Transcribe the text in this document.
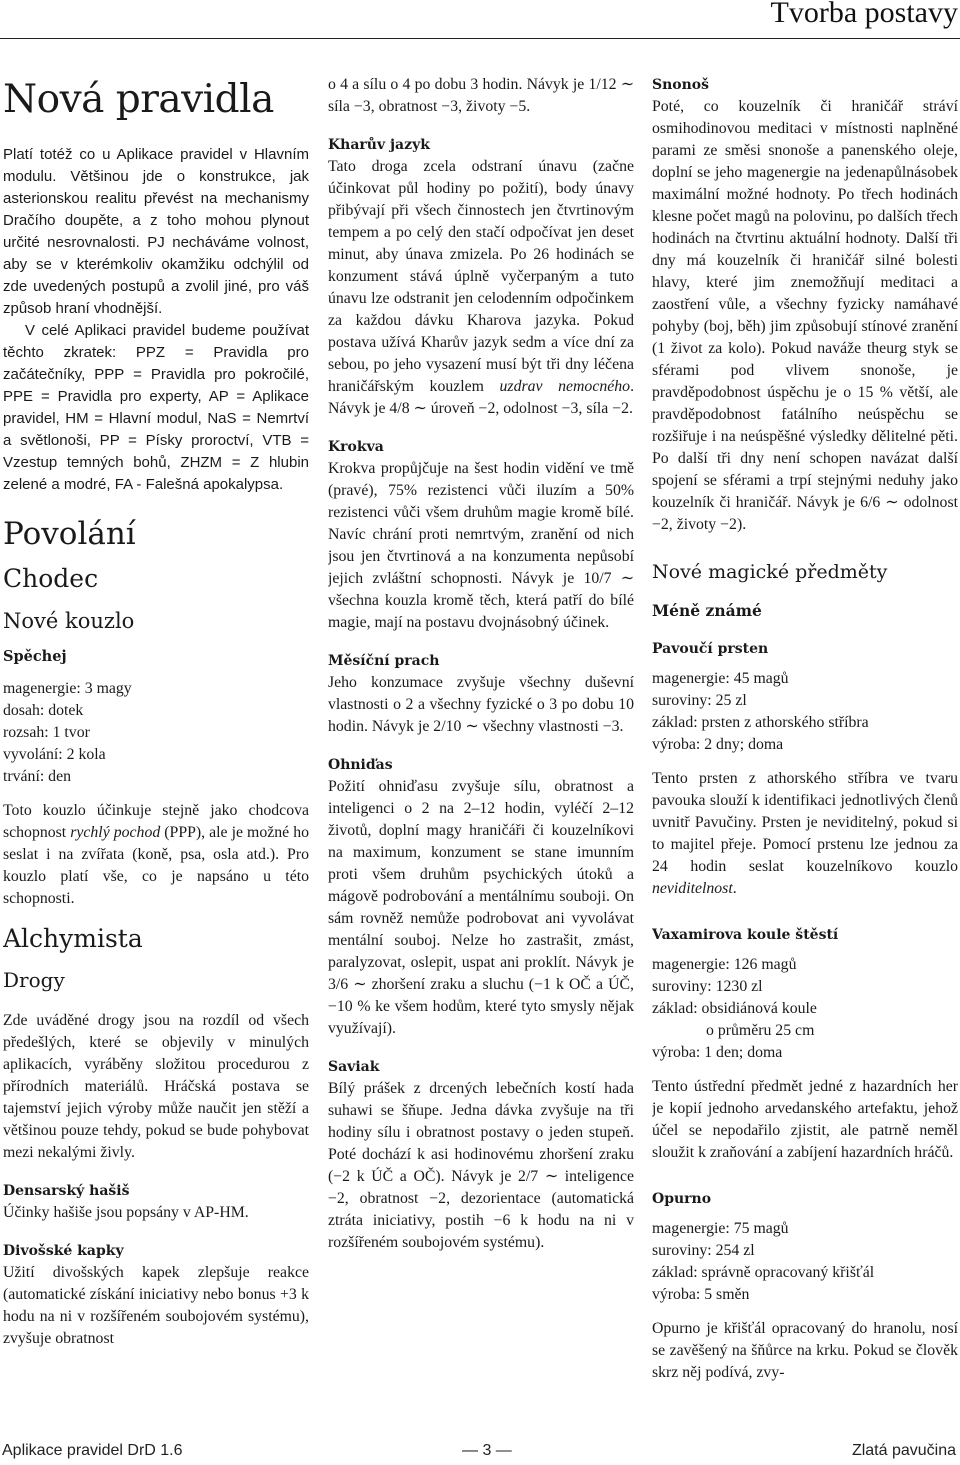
Tvorba postavy
Nová pravidla

Platí totéž co u Aplikace pravidel v Hlavním modulu. Většinou jde o konstrukce, jak asterionskou realitu převést na mechanismy Dračího doupěte, a z toho mohou plynout určité nesrovnalosti. PJ necháváme volnost, aby se v kterémkoliv okamžiku odchýlil od zde uvedených postupů a zvolil jiné, pro váš způsob hraní vhodnější.

V celé Aplikaci pravidel budeme používat těchto zkratek: PPZ = Pravidla pro začátečníky, PPP = Pravidla pro pokročilé, PPE = Pravidla pro experty, AP = Aplikace pravidel, HM = Hlavní modul, NaS = Nemrtví a světlonoši, PP = Písky proroctví, VTB = Vzestup temných bohů, ZHZM = Z hlubin zelené a modré, FA - Falešná apokalypsa.

Povolání
Chodec
Nové kouzlo
Spěchej
magenergie: 3 magy
dosah: dotek
rozsah: 1 tvor
vyvolání: 2 kola
trvání: den

Toto kouzlo účinkuje stejně jako chodcova schopnost rychlý pochod (PPP), ale je možné ho seslat i na zvířata (koně, psa, osla atd.). Pro kouzlo platí vše, co je napsáno u této schopnosti.

Alchymista
Drogy

Zde uváděné drogy jsou na rozdíl od všech předešlých, které se objevily v minulých aplikacích, vyráběny složitou procedurou z přírodních materiálů. Hráčská postava se tajemství jejich výroby může naučit jen stěží a většinou pouze tehdy, pokud se bude pohybovat mezi nekalými živly.

Densarský hašiš

Účinky hašiše jsou popsány v AP-HM.

Divošské kapky

Užití divošských kapek zlepšuje reakce (automatické získání iniciativy nebo bonus +3 k hodu na ni v rozšířeném soubojovém systému), zvyšuje obratnost

o 4 a sílu o 4 po dobu 3 hodin. Návyk je 1/12 ∼ síla −3, obratnost −3, životy −5.

Kharův jazyk

Tato droga zcela odstraní únavu (začne účinkovat půl hodiny po požití), body únavy přibývají při všech činnostech jen čtvrtinovým tempem a po celý den stačí odpočívat jen deset minut, aby únava zmizela. Po 26 hodinách se konzument stává úplně vyčerpaným a tuto únavu lze odstranit jen celodenním odpočinkem za každou dávku Kharova jazyka. Pokud postava užívá Kharův jazyk sedm a více dní za sebou, po jeho vysazení musí být tři dny léčena hraničářským kouzlem uzdrav nemocného. Návyk je 4/8 ∼ úroveň −2, odolnost −3, síla −2.

Krokva

Krokva propůjčuje na šest hodin vidění ve tmě (pravé), 75% rezistenci vůči iluzím a 50% rezistenci vůči všem druhům magie kromě bílé. Navíc chrání proti nemrtvým, zranění od nich jsou jen čtvrtinová a na konzumenta nepůsobí jejich zvláštní schopnosti. Návyk je 10/7 ∼ všechna kouzla kromě těch, která patří do bílé magie, mají na postavu dvojnásobný účinek.

Měsíční prach

Jeho konzumace zvyšuje všechny duševní vlastnosti o 2 a všechny fyzické o 3 po dobu 10 hodin. Návyk je 2/10 ∼ všechny vlastnosti −3.

Ohniďas

Požití ohniďasu zvyšuje sílu, obratnost a inteligenci o 2 na 2–12 hodin, vyléčí 2–12 životů, doplní magy hraničáři či kouzelníkovi na maximum, konzument se stane imunním proti všem druhům psychických útoků a mágově podrobování a mentálnímu souboji. On sám rovněž nemůže podrobovat ani vyvolávat mentální souboj. Nelze ho zastrašit, zmást, paralyzovat, oslepit, uspat ani proklít. Návyk je 3/6 ∼ zhoršení zraku a sluchu (−1 k OČ a ÚČ, −10 % ke všem hodům, které tyto smysly nějak využívají).

Saviak

Bílý prášek z drcených lebečních kostí hada suhawi se šňupe. Jedna dávka zvyšuje na tři hodiny sílu i obratnost postavy o jeden stupeň. Poté dochází k asi hodinovému zhoršení zraku (−2 k ÚČ a OČ). Návyk je 2/7 ∼ inteligence −2, obratnost −2, dezorientace (automatická ztráta iniciativy, postih −6 k hodu na ni v rozšířeném soubojovém systému).

Snonoš

Poté, co kouzelník či hraničář stráví osmihodinovou meditaci v místnosti naplněné parami ze směsi snonoše a panenského oleje, doplní se jeho magenergie na jedenapůlnásobek maximální možné hodnoty. Po třech hodinách klesne počet magů na polovinu, po dalších třech hodinách na čtvrtinu aktuální hodnoty. Další tři dny má kouzelník či hraničář silné bolesti hlavy, které jim znemožňují meditaci a zaostření vůle, a všechny fyzicky namáhavé pohyby (boj, běh) jim způsobují stínové zranění (1 život za kolo). Pokud naváže theurg styk se sférami pod vlivem snonoše, je pravděpodobnost úspěchu je o 15 % větší, ale pravděpodobnost fatálního neúspěchu se rozšiřuje i na neúspěšné výsledky dělitelné pěti. Po další tři dny není schopen navázat další spojení se sférami a trpí stejnými neduhy jako kouzelník či hraničář. Návyk je 6/6 ∼ odolnost −2, životy −2).

Nové magické předměty
Méně známé
Pavoučí prsten
magenergie: 45 magů
suroviny: 25 zl
základ: prsten z athorského stříbra
výroba: 2 dny; doma

Tento prsten z athorského stříbra ve tvaru pavouka slouží k identifikaci jednotlivých členů uvnitř Pavučiny. Prsten je neviditelný, pokud si to majitel přeje. Pomocí prstenu lze jednou za 24 hodin seslat kouzelníkovo kouzlo neviditelnost.

Vaxamirova koule štěstí
magenergie: 126 magů
suroviny: 1230 zl
základ: obsidiánová koule
o průměru 25 cm
výroba: 1 den; doma

Tento ústřední předmět jedné z hazardních her je kopií jednoho arvedanského artefaktu, jehož účel se nepodařilo zjistit, ale patrně neměl sloužit k zraňování a zabíjení hazardních hráčů.

Opurno
magenergie: 75 magů
suroviny: 254 zl
základ: správně opracovaný křišťál
výroba: 5 směn

Opurno je křišťál opracovaný do hranolu, nosí se zavěšený na šňůrce na krku. Pokud se člověk skrz něj podívá, zvy-

Aplikace pravidel DrD 1.6	— 3 —	Zlatá pavučina
